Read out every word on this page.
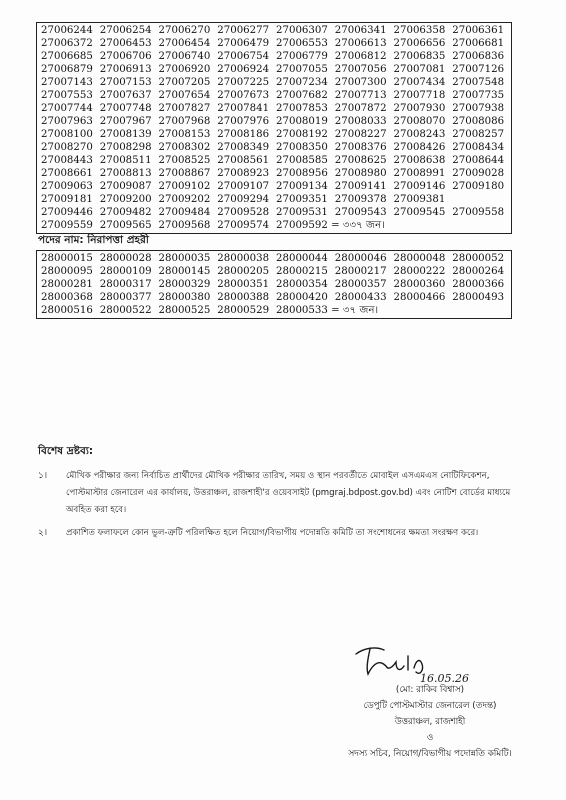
27006244	27006254	27006270	27006277	27006307	27006341	27006358	27006361
27006372	27006453	27006454	27006479	27006553	27006613	27006656	27006681
27006685	27006706	27006740	27006754	27006779	27006812	27006835	27006836
27006879	27006913	27006920	27006924	27007055	27007056	27007081	27007126
27007143	27007153	27007205	27007225	27007234	27007300	27007434	27007548
27007553	27007637	27007654	27007673	27007682	27007713	27007718	27007735
27007744	27007748	27007827	27007841	27007853	27007872	27007930	27007938
27007963	27007967	27007968	27007976	27008019	27008033	27008070	27008086
27008100	27008139	27008153	27008186	27008192	27008227	27008243	27008257
27008270	27008298	27008302	27008349	27008350	27008376	27008426	27008434
27008443	27008511	27008525	27008561	27008585	27008625	27008638	27008644
27008661	27008813	27008867	27008923	27008956	27008980	27008991	27009028
27009063	27009087	27009102	27009107	27009134	27009141	27009146	27009180
27009181	27009200	27009202	27009294	27009351	27009378	27009381	
27009446	27009482	27009484	27009528	27009531	27009543	27009545	27009558
27009559	27009565	27009568	27009574	27009592 = ৩৩৭ জন।			
পদের নাম: নিরাপত্তা প্রহরী
28000015	28000028	28000035	28000038	28000044	28000046	28000048	28000052
28000095	28000109	28000145	28000205	28000215	28000217	28000222	28000264
28000281	28000317	28000329	28000351	28000354	28000357	28000360	28000366
28000368	28000377	28000380	28000388	28000420	28000433	28000466	28000493
28000516	28000522	28000525	28000529	28000533 = ৩৭ জন।			
বিশেষ দ্রষ্টব্য:
১। মৌখিক পরীক্ষার জন্য নির্বাচিত প্রার্থীদের মৌখিক পরীক্ষার তারিখ, সময় ও স্থান পরবর্তীতে মোবাইল এসএমএস নোটিফিকেশন, পোস্টমাস্টার জেনারেল এর কার্যালয়, উত্তরাঞ্চল, রাজশাহী'র ওয়েবসাইট (pmgraj.bdpost.gov.bd) এবং নোটিশ বোর্ডের মাধ্যমে অবহিত করা হবে।
২। প্রকাশিত ফলাফলে কোন ভুল-ত্রুটি পরিলক্ষিত হলে নিয়োগ/বিভাগীয় পদোন্নতি কমিটি তা সংশোধনের ক্ষমতা সংরক্ষণ করে।
16.05.26
(মো: রাকিব বিশ্বাস)
ডেপুটি পোস্টমাস্টার জেনারেল (তদন্ত)
উত্তরাঞ্চল, রাজশাহী
ও
সদস্য সচিব, নিয়োগ/বিভাগীয় পদোন্নতি কমিটি।
